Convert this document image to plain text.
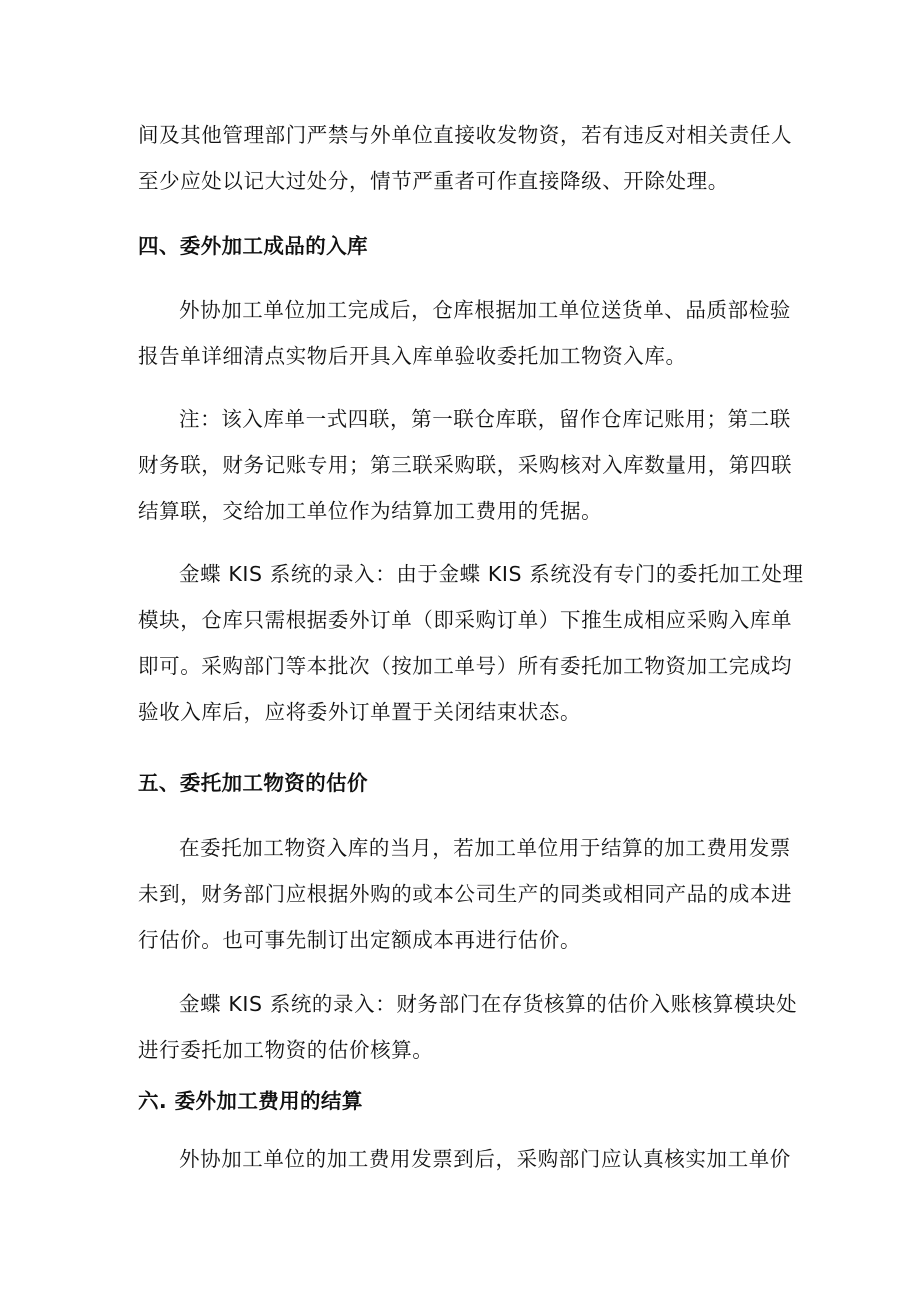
间及其他管理部门严禁与外单位直接收发物资，若有违反对相关责任人

至少应处以记大过处分，情节严重者可作直接降级、开除处理。

四、委外加工成品的入库

外协加工单位加工完成后，仓库根据加工单位送货单、品质部检验

报告单详细清点实物后开具入库单验收委托加工物资入库。

注：该入库单一式四联，第一联仓库联，留作仓库记账用；第二联

财务联，财务记账专用；第三联采购联，采购核对入库数量用，第四联

结算联，交给加工单位作为结算加工费用的凭据。

金蝶 KIS 系统的录入：由于金蝶 KIS 系统没有专门的委托加工处理

模块，仓库只需根据委外订单（即采购订单）下推生成相应采购入库单

即可。采购部门等本批次（按加工单号）所有委托加工物资加工完成均

验收入库后，应将委外订单置于关闭结束状态。

五、委托加工物资的估价

在委托加工物资入库的当月，若加工单位用于结算的加工费用发票

未到，财务部门应根据外购的或本公司生产的同类或相同产品的成本进

行估价。也可事先制订出定额成本再进行估价。

金蝶 KIS 系统的录入：财务部门在存货核算的估价入账核算模块处

进行委托加工物资的估价核算。

六. 委外加工费用的结算

外协加工单位的加工费用发票到后，采购部门应认真核实加工单价
